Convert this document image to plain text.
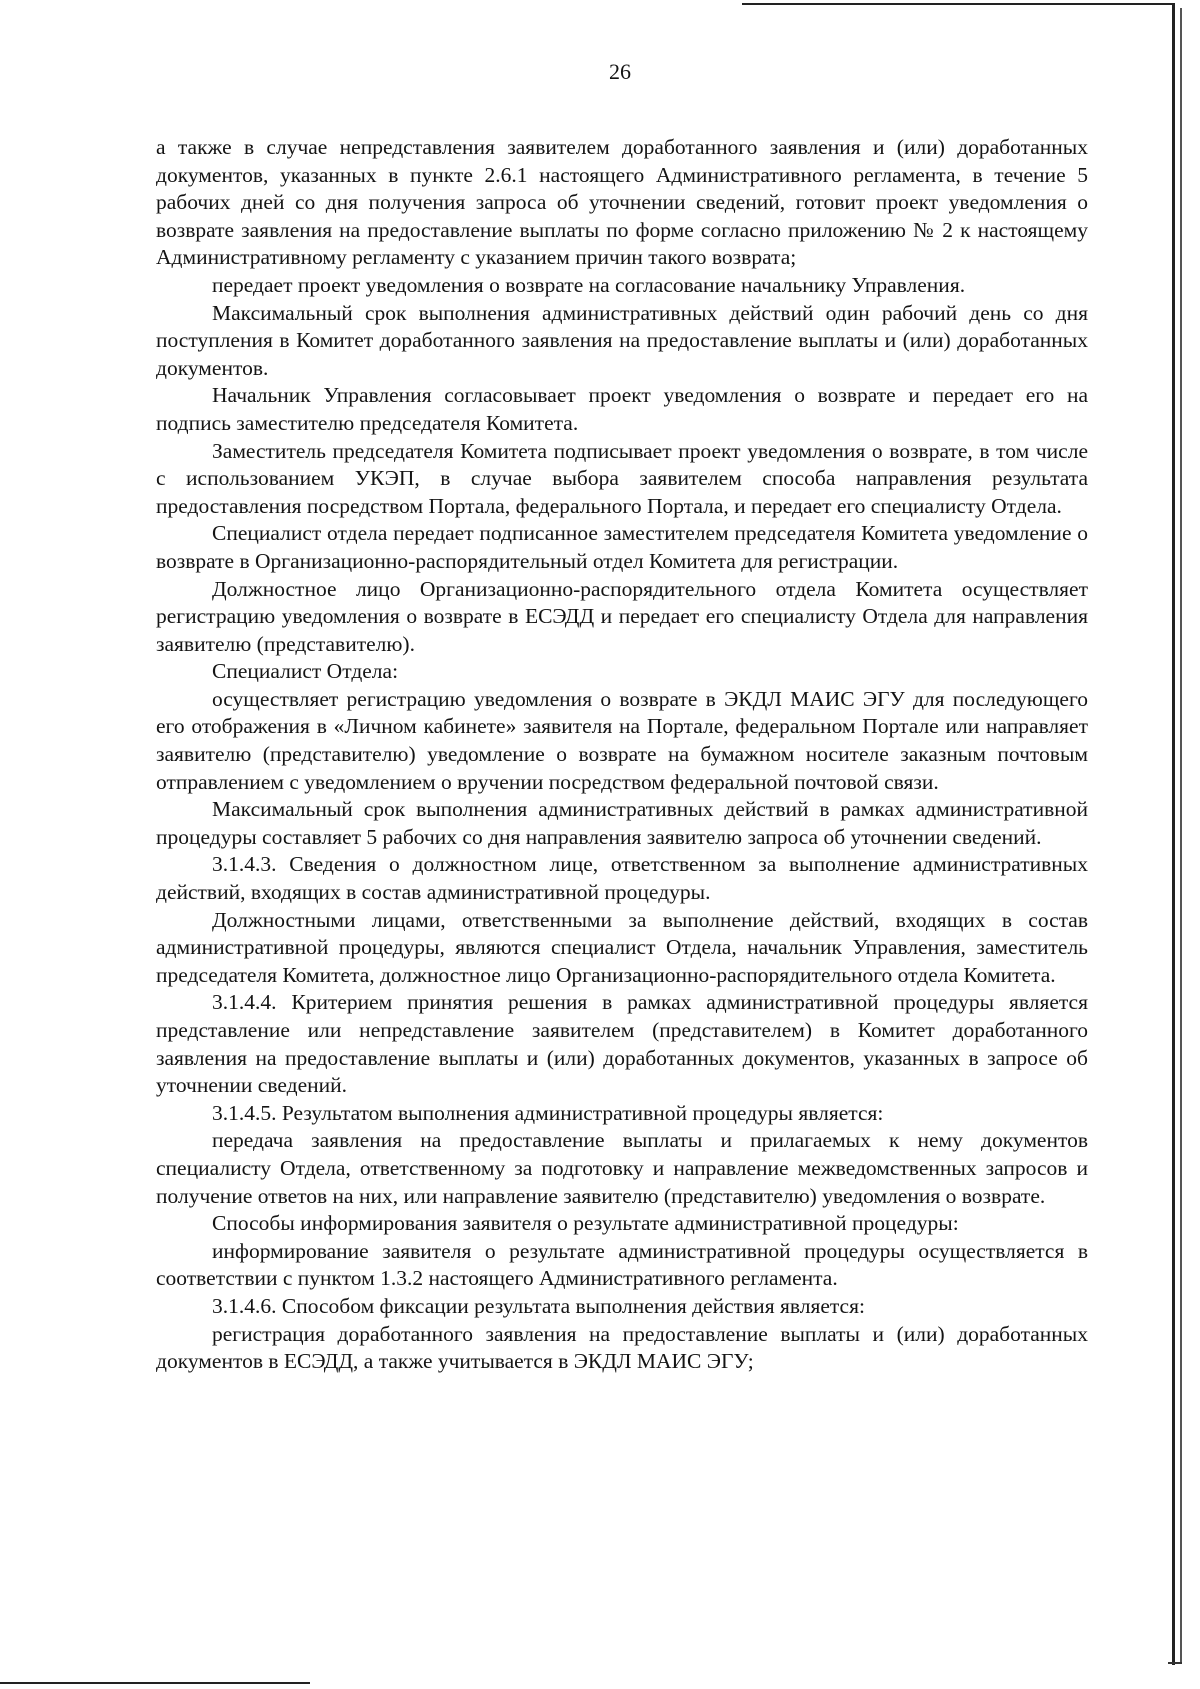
26

а также в случае непредставления заявителем доработанного заявления и (или) доработанных документов, указанных в пункте 2.6.1 настоящего Административного регламента, в течение 5 рабочих дней со дня получения запроса об уточнении сведений, готовит проект уведомления о возврате заявления на предоставление выплаты по форме согласно приложению № 2 к настоящему Административному регламенту с указанием причин такого возврата;

передает проект уведомления о возврате на согласование начальнику Управления.

Максимальный срок выполнения административных действий один рабочий день со дня поступления в Комитет доработанного заявления на предоставление выплаты и (или) доработанных документов.

Начальник Управления согласовывает проект уведомления о возврате и передает его на подпись заместителю председателя Комитета.

Заместитель председателя Комитета подписывает проект уведомления о возврате, в том числе с использованием УКЭП, в случае выбора заявителем способа направления результата предоставления посредством Портала, федерального Портала, и передает его специалисту Отдела.

Специалист отдела передает подписанное заместителем председателя Комитета уведомление о возврате в Организационно-распорядительный отдел Комитета для регистрации.

Должностное лицо Организационно-распорядительного отдела Комитета осуществляет регистрацию уведомления о возврате в ЕСЭДД и передает его специалисту Отдела для направления заявителю (представителю).

Специалист Отдела:

осуществляет регистрацию уведомления о возврате в ЭКДЛ МАИС ЭГУ для последующего его отображения в «Личном кабинете» заявителя на Портале, федеральном Портале или направляет заявителю (представителю) уведомление о возврате на бумажном носителе заказным почтовым отправлением с уведомлением о вручении посредством федеральной почтовой связи.

Максимальный срок выполнения административных действий в рамках административной процедуры составляет 5 рабочих со дня направления заявителю запроса об уточнении сведений.

3.1.4.3. Сведения о должностном лице, ответственном за выполнение административных действий, входящих в состав административной процедуры.

Должностными лицами, ответственными за выполнение действий, входящих в состав административной процедуры, являются специалист Отдела, начальник Управления, заместитель председателя Комитета, должностное лицо Организационно-распорядительного отдела Комитета.

3.1.4.4. Критерием принятия решения в рамках административной процедуры является представление или непредставление заявителем (представителем) в Комитет доработанного заявления на предоставление выплаты и (или) доработанных документов, указанных в запросе об уточнении сведений.

3.1.4.5. Результатом выполнения административной процедуры является:

передача заявления на предоставление выплаты и прилагаемых к нему документов специалисту Отдела, ответственному за подготовку и направление межведомственных запросов и получение ответов на них, или направление заявителю (представителю) уведомления о возврате.

Способы информирования заявителя о результате административной процедуры:

информирование заявителя о результате административной процедуры осуществляется в соответствии с пунктом 1.3.2 настоящего Административного регламента.

3.1.4.6. Способом фиксации результата выполнения действия является:

регистрация доработанного заявления на предоставление выплаты и (или) доработанных документов в ЕСЭДД, а также учитывается в ЭКДЛ МАИС ЭГУ;
